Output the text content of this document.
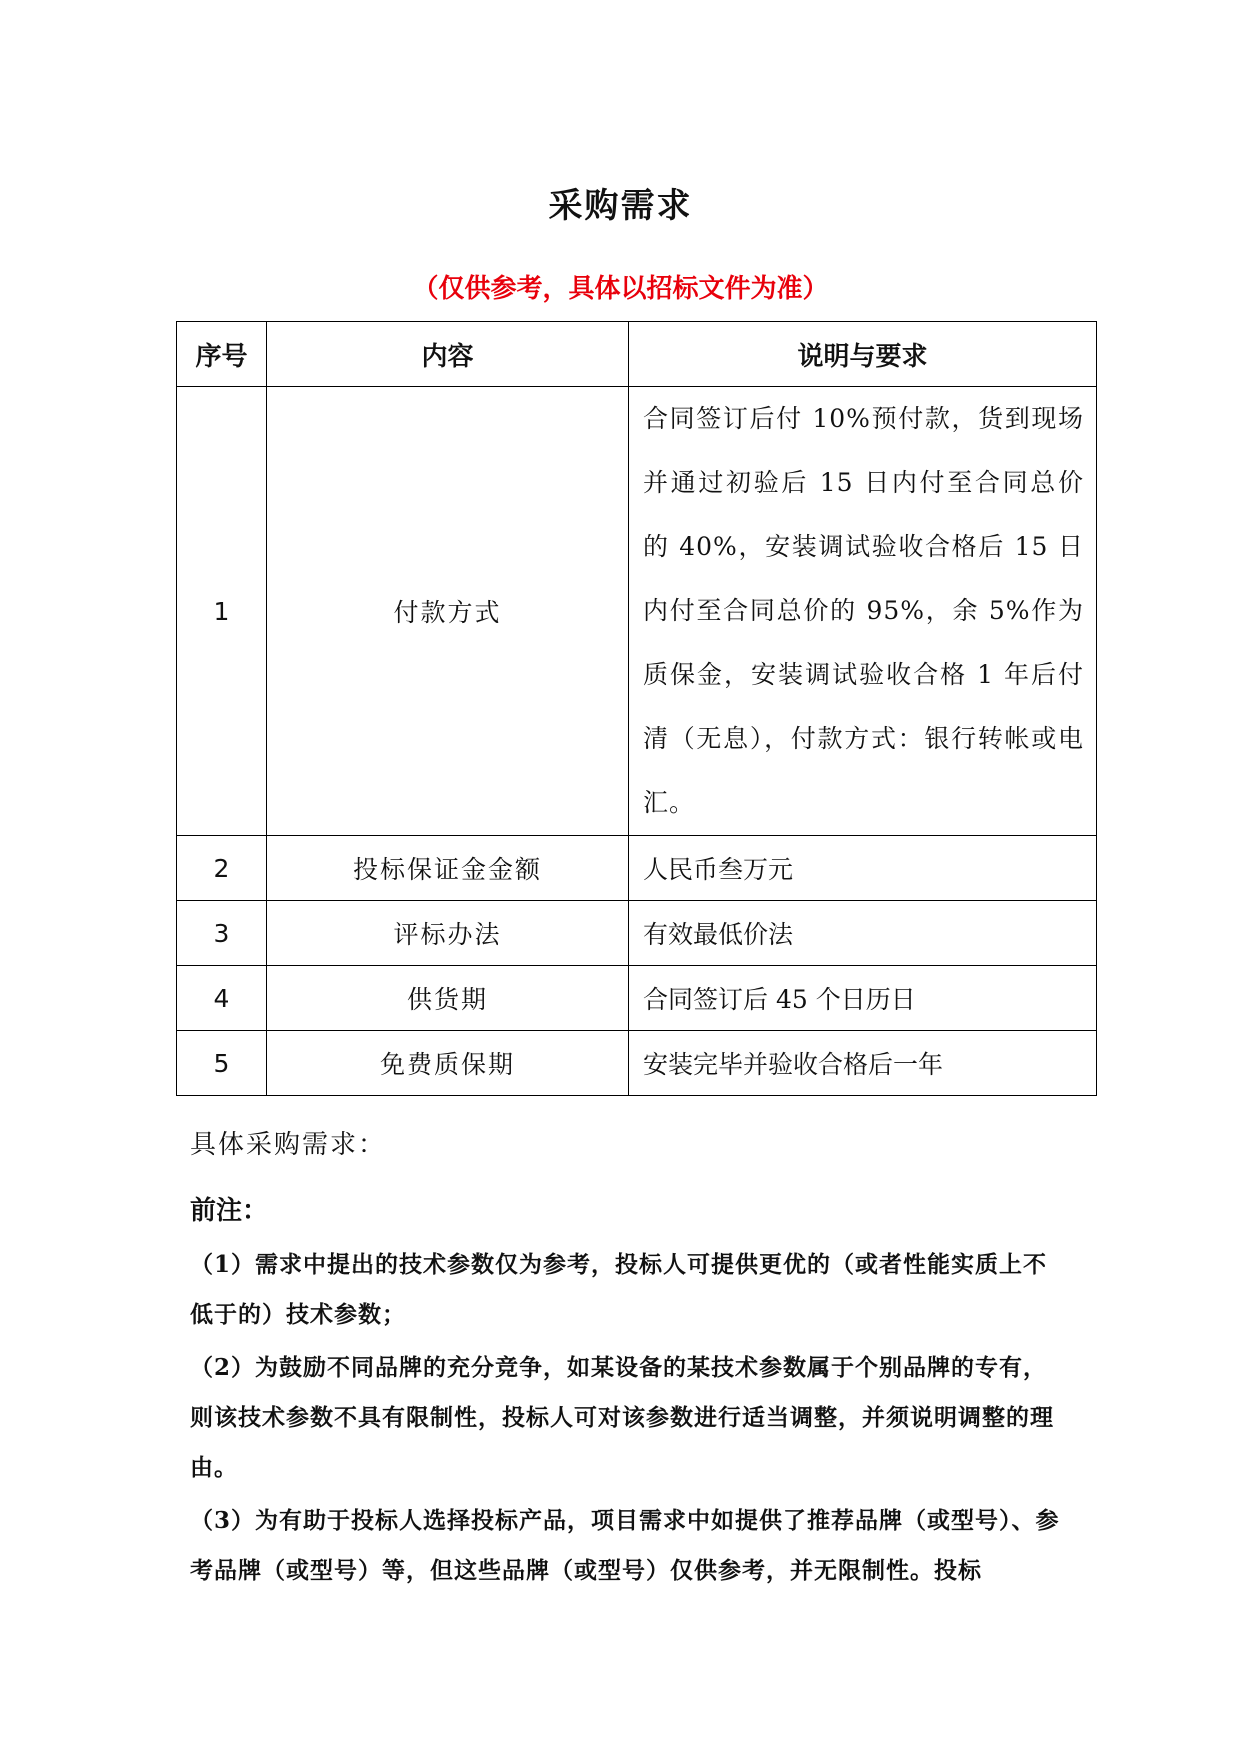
采购需求
（仅供参考，具体以招标文件为准）
序号	内容	说明与要求
1	付款方式	合同签订后付 10%预付款，货到现场并通过初验后 15 日内付至合同总价的 40%，安装调试验收合格后 15 日内付至合同总价的 95%，余 5%作为质保金，安装调试验收合格 1 年后付清（无息），付款方式：银行转帐或电汇。
2	投标保证金金额	人民币叁万元
3	评标办法	有效最低价法
4	供货期	合同签订后 45 个日历日
5	免费质保期	安装完毕并验收合格后一年
具体采购需求：
前注：

（1）需求中提出的技术参数仅为参考，投标人可提供更优的（或者性能实质上不低于的）技术参数；

（2）为鼓励不同品牌的充分竞争，如某设备的某技术参数属于个别品牌的专有，则该技术参数不具有限制性，投标人可对该参数进行适当调整，并须说明调整的理由。

（3）为有助于投标人选择投标产品，项目需求中如提供了推荐品牌（或型号）、参考品牌（或型号）等，但这些品牌（或型号）仅供参考，并无限制性。投标
